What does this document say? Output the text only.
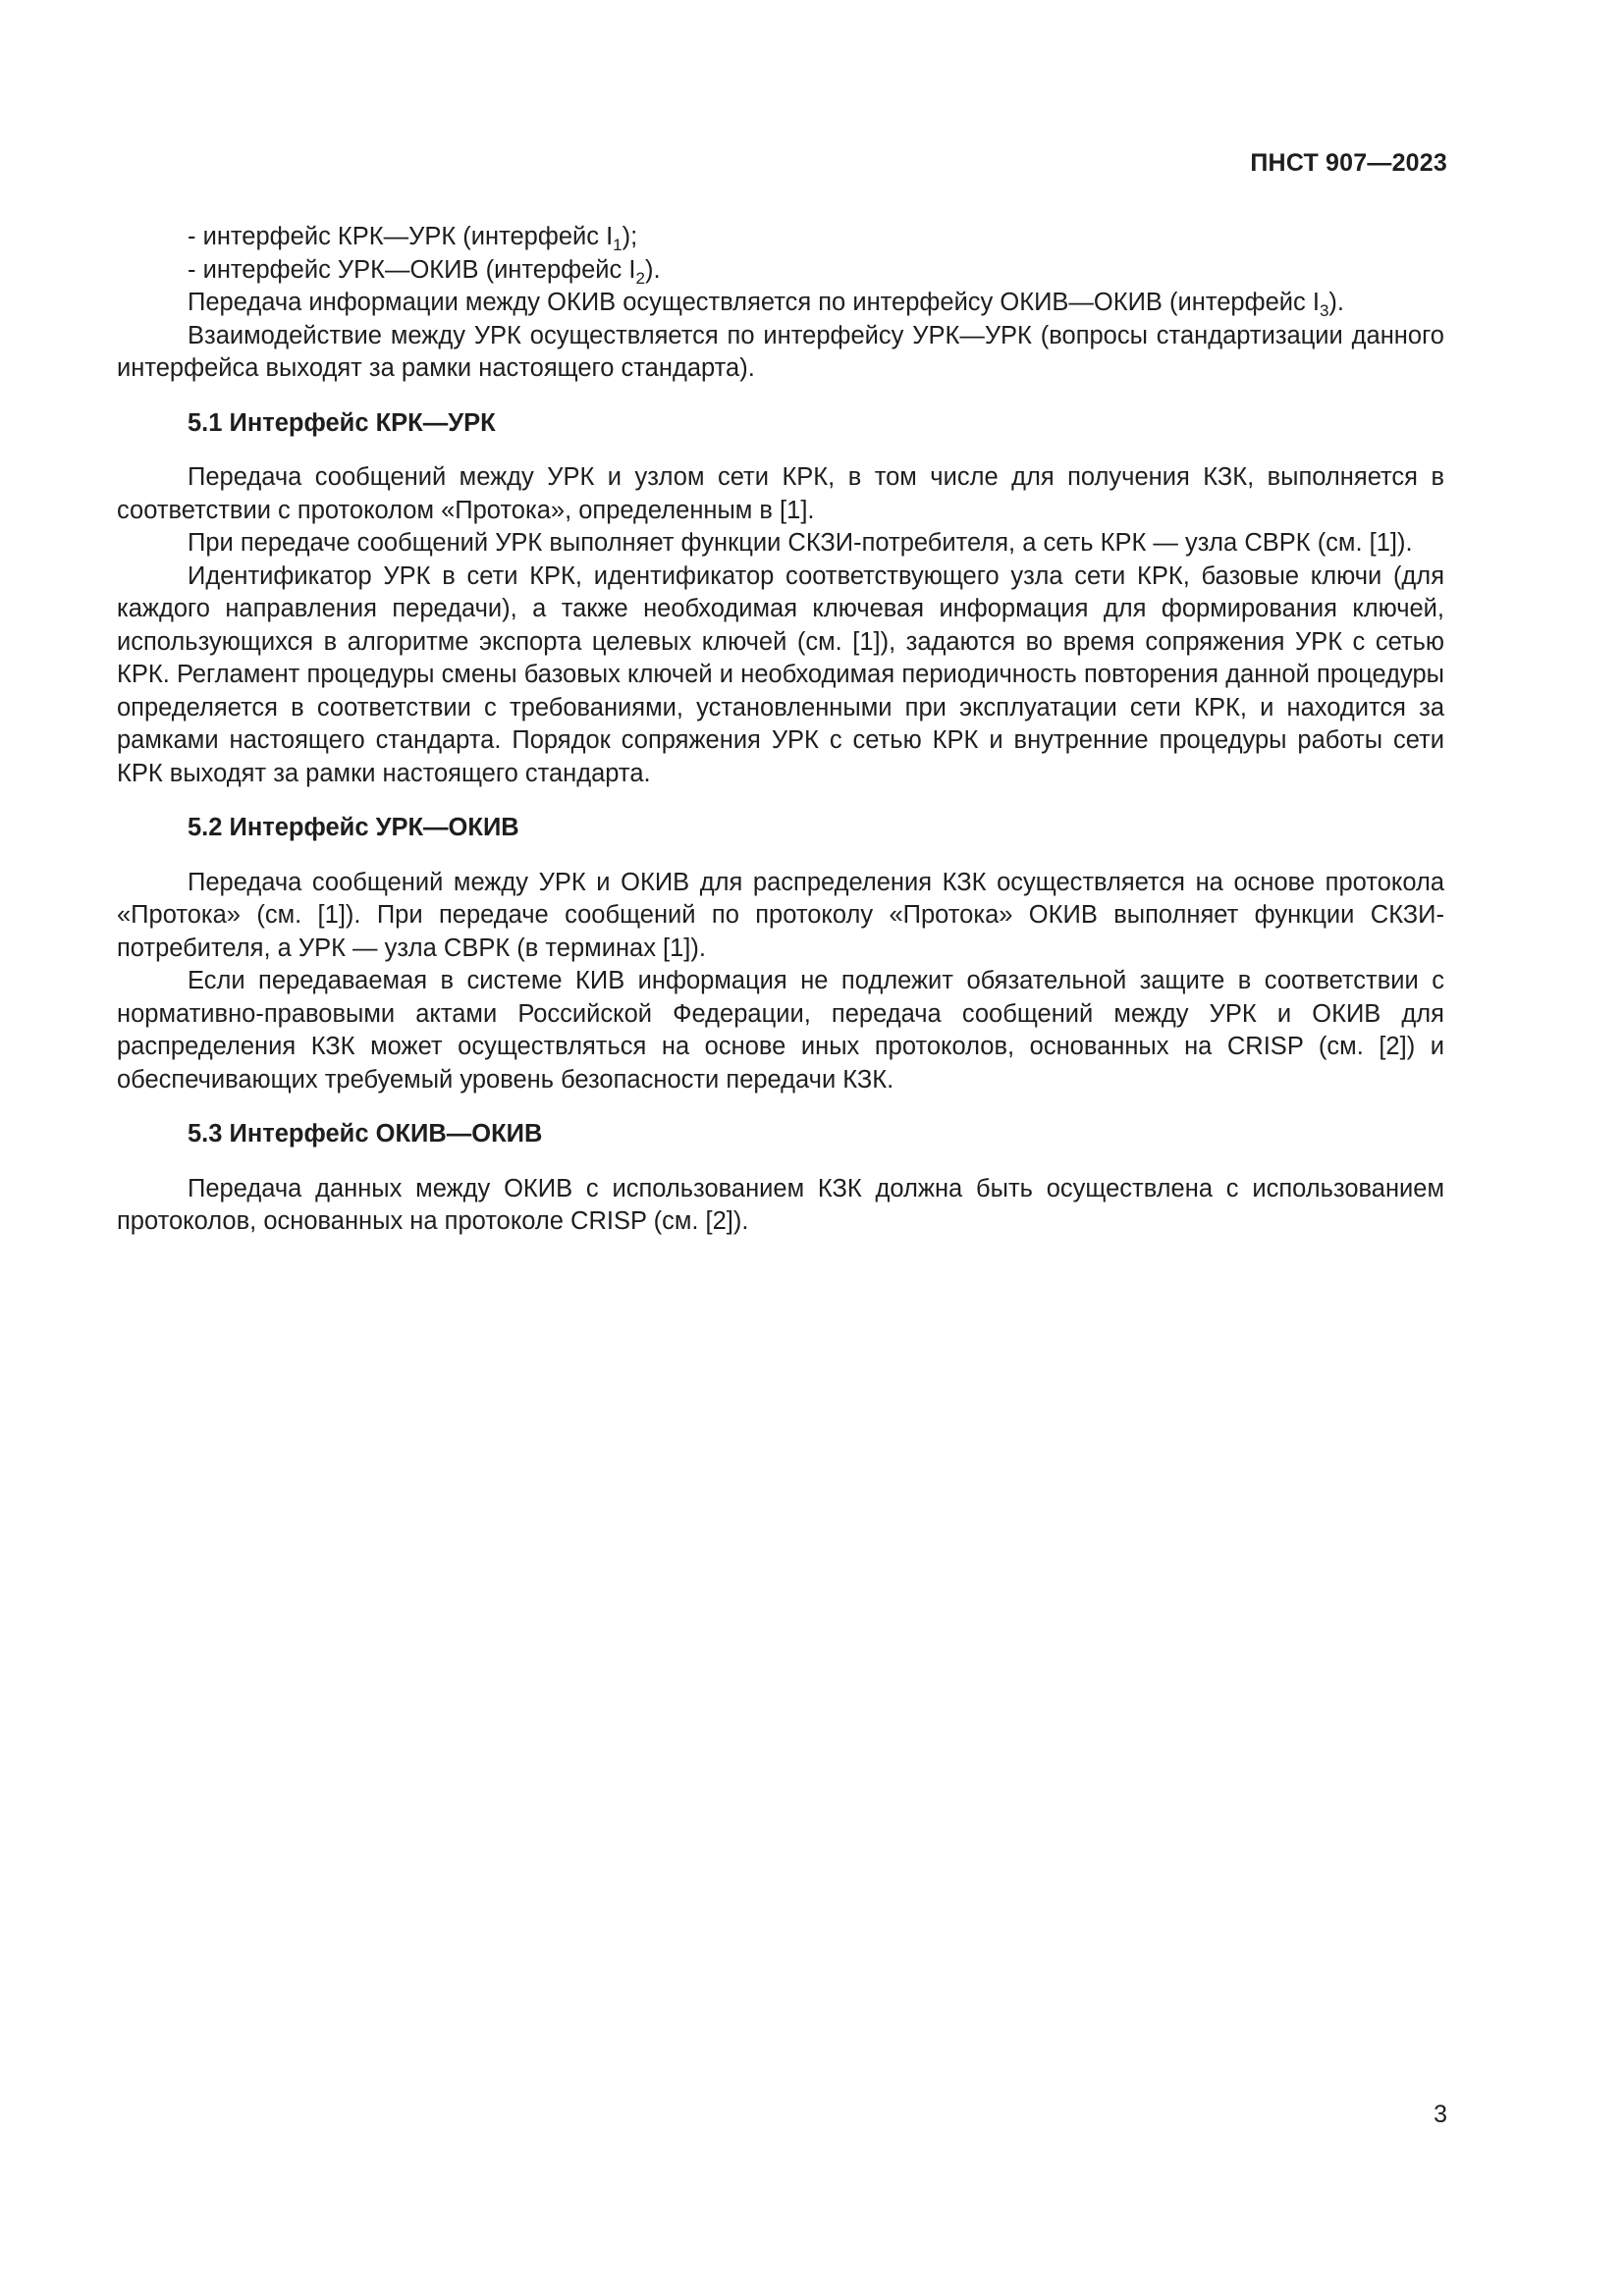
ПНСТ 907—2023

- интерфейс КРК—УРК (интерфейс $I_1$);

- интерфейс УРК—ОКИВ (интерфейс $I_2$).

Передача информации между ОКИВ осуществляется по интерфейсу ОКИВ—ОКИВ (интерфейс $I_3$).

Взаимодействие между УРК осуществляется по интерфейсу УРК—УРК (вопросы стандартизации данного интерфейса выходят за рамки настоящего стандарта).

5.1 Интерфейс КРК—УРК

Передача сообщений между УРК и узлом сети КРК, в том числе для получения КЗК, выполняется в соответствии с протоколом «Протока», определенным в [1].

При передаче сообщений УРК выполняет функции СКЗИ-потребителя, а сеть КРК — узла СВРК (см. [1]).

Идентификатор УРК в сети КРК, идентификатор соответствующего узла сети КРК, базовые ключи (для каждого направления передачи), а также необходимая ключевая информация для формирования ключей, использующихся в алгоритме экспорта целевых ключей (см. [1]), задаются во время сопряжения УРК с сетью КРК. Регламент процедуры смены базовых ключей и необходимая периодичность повторения данной процедуры определяется в соответствии с требованиями, установленными при эксплуатации сети КРК, и находится за рамками настоящего стандарта. Порядок сопряжения УРК с сетью КРК и внутренние процедуры работы сети КРК выходят за рамки настоящего стандарта.

5.2 Интерфейс УРК—ОКИВ

Передача сообщений между УРК и ОКИВ для распределения КЗК осуществляется на основе протокола «Протока» (см. [1]). При передаче сообщений по протоколу «Протока» ОКИВ выполняет функции СКЗИ-потребителя, а УРК — узла СВРК (в терминах [1]).

Если передаваемая в системе КИВ информация не подлежит обязательной защите в соответствии с нормативно-правовыми актами Российской Федерации, передача сообщений между УРК и ОКИВ для распределения КЗК может осуществляться на основе иных протоколов, основанных на CRISP (см. [2]) и обеспечивающих требуемый уровень безопасности передачи КЗК.

5.3 Интерфейс ОКИВ—ОКИВ

Передача данных между ОКИВ с использованием КЗК должна быть осуществлена с использованием протоколов, основанных на протоколе CRISP (см. [2]).

3
